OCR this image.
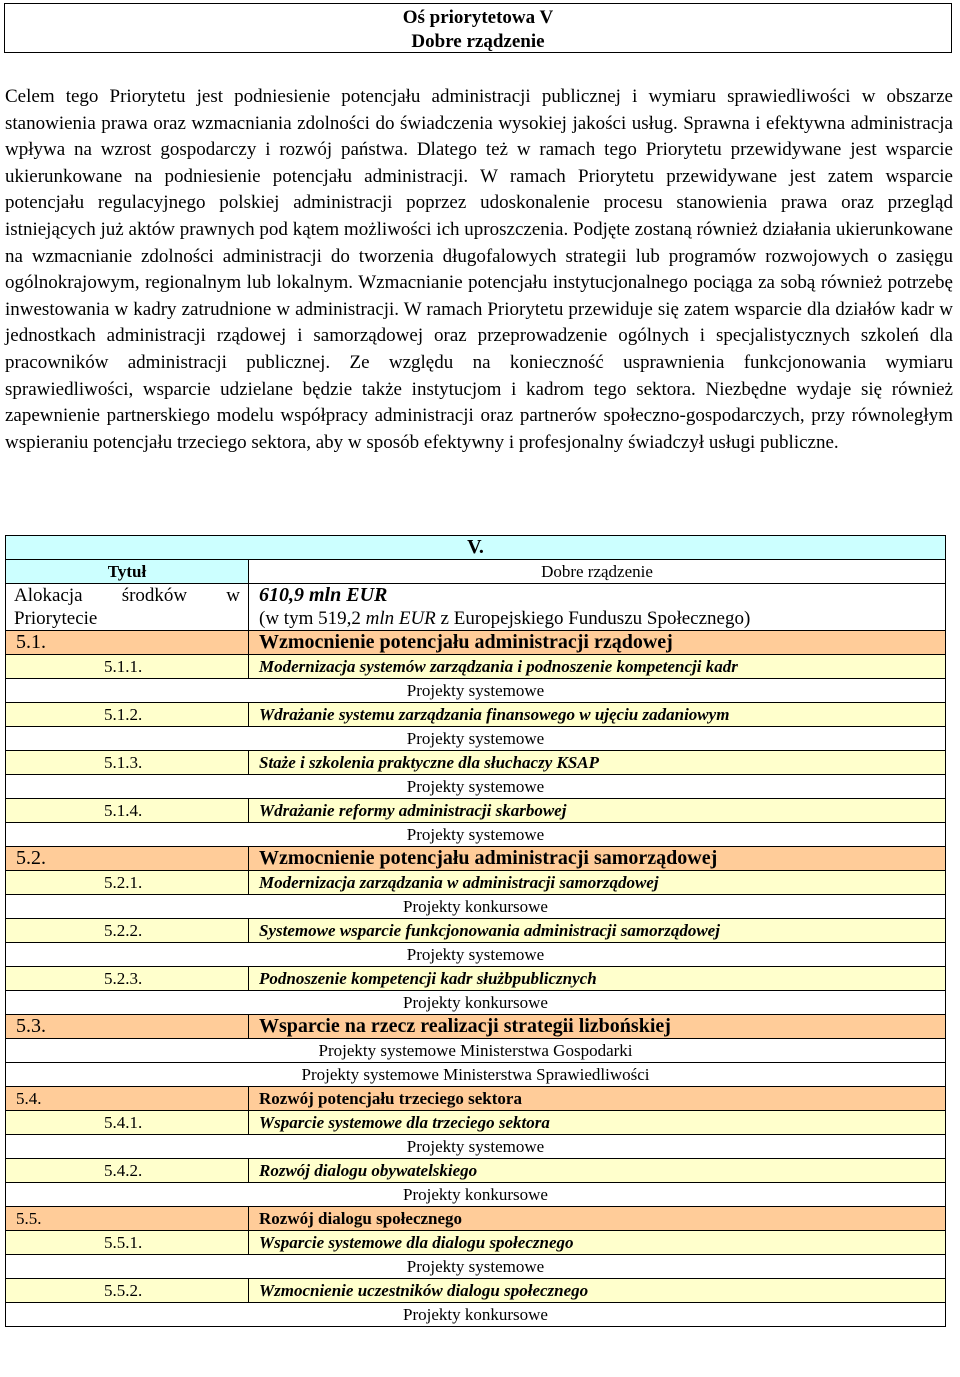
Oś priorytetowa V
Dobre rządzenie

Celem tego Priorytetu jest podniesienie potencjału administracji publicznej i wymiaru sprawiedliwości w obszarze stanowienia prawa oraz wzmacniania zdolności do świadczenia wysokiej jakości usług. Sprawna i efektywna administracja wpływa na wzrost gospodarczy i rozwój państwa. Dlatego też w ramach tego Priorytetu przewidywane jest wsparcie ukierunkowane na podniesienie potencjału administracji. W ramach Priorytetu przewidywane jest zatem wsparcie potencjału regulacyjnego polskiej administracji poprzez udoskonalenie procesu stanowienia prawa oraz przegląd istniejących już aktów prawnych pod kątem możliwości ich uproszczenia. Podjęte zostaną również działania ukierunkowane na wzmacnianie zdolności administracji do tworzenia długofalowych strategii lub programów rozwojowych o zasięgu ogólnokrajowym, regionalnym lub lokalnym. Wzmacnianie potencjału instytucjonalnego pociąga za sobą również potrzebę inwestowania w kadry zatrudnione w administracji. W ramach Priorytetu przewiduje się zatem wsparcie dla działów kadr w jednostkach administracji rządowej i samorządowej oraz przeprowadzenie ogólnych i specjalistycznych szkoleń dla pracowników administracji publicznej. Ze względu na konieczność usprawnienia funkcjonowania wymiaru sprawiedliwości, wsparcie udzielane będzie także instytucjom i kadrom tego sektora. Niezbędne wydaje się również zapewnienie partnerskiego modelu współpracy administracji oraz partnerów społeczno-gospodarczych, przy równoległym wspieraniu potencjału trzeciego sektora, aby w sposób efektywny i profesjonalny świadczył usługi publiczne.

V.	
Tytuł	Dobre rządzenie
Alokacja środków w Priorytecie	610,9 mln EUR
(w tym 519,2 mln EUR z Europejskiego Funduszu Społecznego)

5.1.	Wzmocnienie potencjału administracji rządowej
5.1.1.	Modernizacja systemów zarządzania i podnoszenie kompetencji kadr
Projekty systemowe	
5.1.2.	Wdrażanie systemu zarządzania finansowego w ujęciu zadaniowym
Projekty systemowe	
5.1.3.	Staże i szkolenia praktyczne dla słuchaczy KSAP
Projekty systemowe	
5.1.4.	Wdrażanie reformy administracji skarbowej
Projekty systemowe	
5.2.	Wzmocnienie potencjału administracji samorządowej
5.2.1.	Modernizacja zarządzania w administracji samorządowej
Projekty konkursowe	
5.2.2.	Systemowe wsparcie funkcjonowania administracji samorządowej
Projekty systemowe	
5.2.3.	Podnoszenie kompetencji kadr służbpublicznych
Projekty konkursowe	
5.3.	Wsparcie na rzecz realizacji strategii lizbońskiej
Projekty systemowe Ministerstwa Gospodarki	
Projekty systemowe Ministerstwa Sprawiedliwości	
5.4.	Rozwój potencjału trzeciego sektora
5.4.1.	Wsparcie systemowe dla trzeciego sektora
Projekty systemowe	
5.4.2.	Rozwój dialogu obywatelskiego
Projekty konkursowe	
5.5.	Rozwój dialogu społecznego
5.5.1.	Wsparcie systemowe dla dialogu społecznego
Projekty systemowe	
5.5.2.	Wzmocnienie uczestników dialogu społecznego
Projekty konkursowe	
